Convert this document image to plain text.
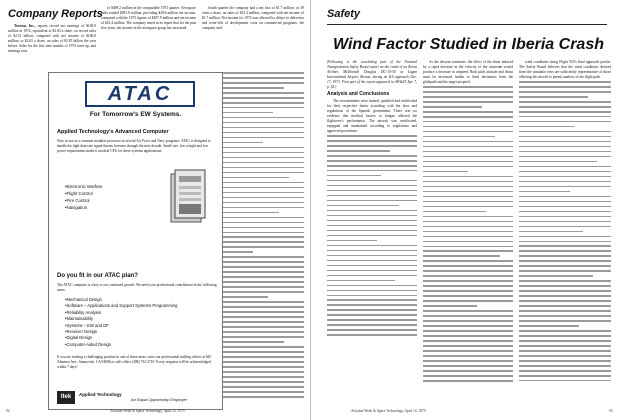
Company Reports

Textron, Inc., reports record net earnings of $169.9 million in 1974, equivalent to $2.83 a share, on record sales of $2.51 billion, compared with net income of $166.0 million, or $2.65 a share, on sales of $1.85 billion the year before. Sales for the first nine months of 1974 were up, and earnings rose.

of $499.2 million in the comparable 1973 quarter. Aerospace sales totaled $581.8 million, providing $28.6 million net income, compared with the 1973 figures of $497.9 million and net income of $23.4 million. The company noted in its report that for the past five years, net income in the aerospace group has increased.

fourth quarter the company had a net loss of $1.7 million, or 39 cents a share, on sales of $33.4 million, compared with net income of $1.7 million. Net income for 1974 was affected by delays in deliveries and write-offs of development costs on commercial programs, the company said.

ATAC
For Tomorrow's EW Systems.
Applied Technology's Advanced Computer
Now in use as a common modular processor in several Air Force and Navy programs. ATAC is designed to handle the high-data-rate signal threats foreseen through the next decade. Small size, low weight and low power requirements make it an ideal CPU for these systems applications:
• Electronic Warfare
• Flight Control
• Fire Control
• Navigation
Do you fit in our ATAC plan?
The ATAC computer is a key to our continued growth. We need your professional contribution in the following areas:
• Mechanical Design
• Software – Applications and Support Systems Programming
• Reliability Analysis
• Maintainability
• Systems – EW and DF
• Receiver Design
• Digital Design
• Computer-Aided Design
If you are seeking a challenging position in one of these areas, write our professional staffing offices at 645 Almanor Ave., Sunnyvale, CA 94086 or call collect (408) 732-2710. Every response will be acknowledged within 7 days!
Itek	Applied Technology
An Equal Opportunity Employer
92	Aviation Week & Space Technology, April 14, 1975
Safety
Wind Factor Studied in Iberia Crash

(Following is the concluding part of the National Transportation Safety Board report on the crash of an Iberia Airlines McDonnell Douglas DC-10-30 at Logan International Airport, Boston, during an ILS approach Dec. 17, 1973. First part of the report appeared in AW&ST Apr. 7, p. 54.)

Analysis and Conclusions

The crewmembers were trained, qualified and certificated for their respective duties according with the laws and regulations of the Spanish government. There was no evidence that medical factors or fatigue affected the flightcrew's performance. The aircraft was certificated, equipped and maintained according to regulations and approved procedures.

As the descent continues, the effect of the shear induced by a rapid decrease in the velocity of the airstream would produce a decrease in airspeed. Both pitch attitude and thrust must be increased further to limit deviations from the glidepath and the target airspeed.

wind conditions along Flight 933's final approach profile. The Safety Board believes that the wind conditions derived from the simulator tests are sufficiently representative of those affecting the aircraft to permit analysis of the flight path.

Aviation Week & Space Technology, April 14, 1975	93
